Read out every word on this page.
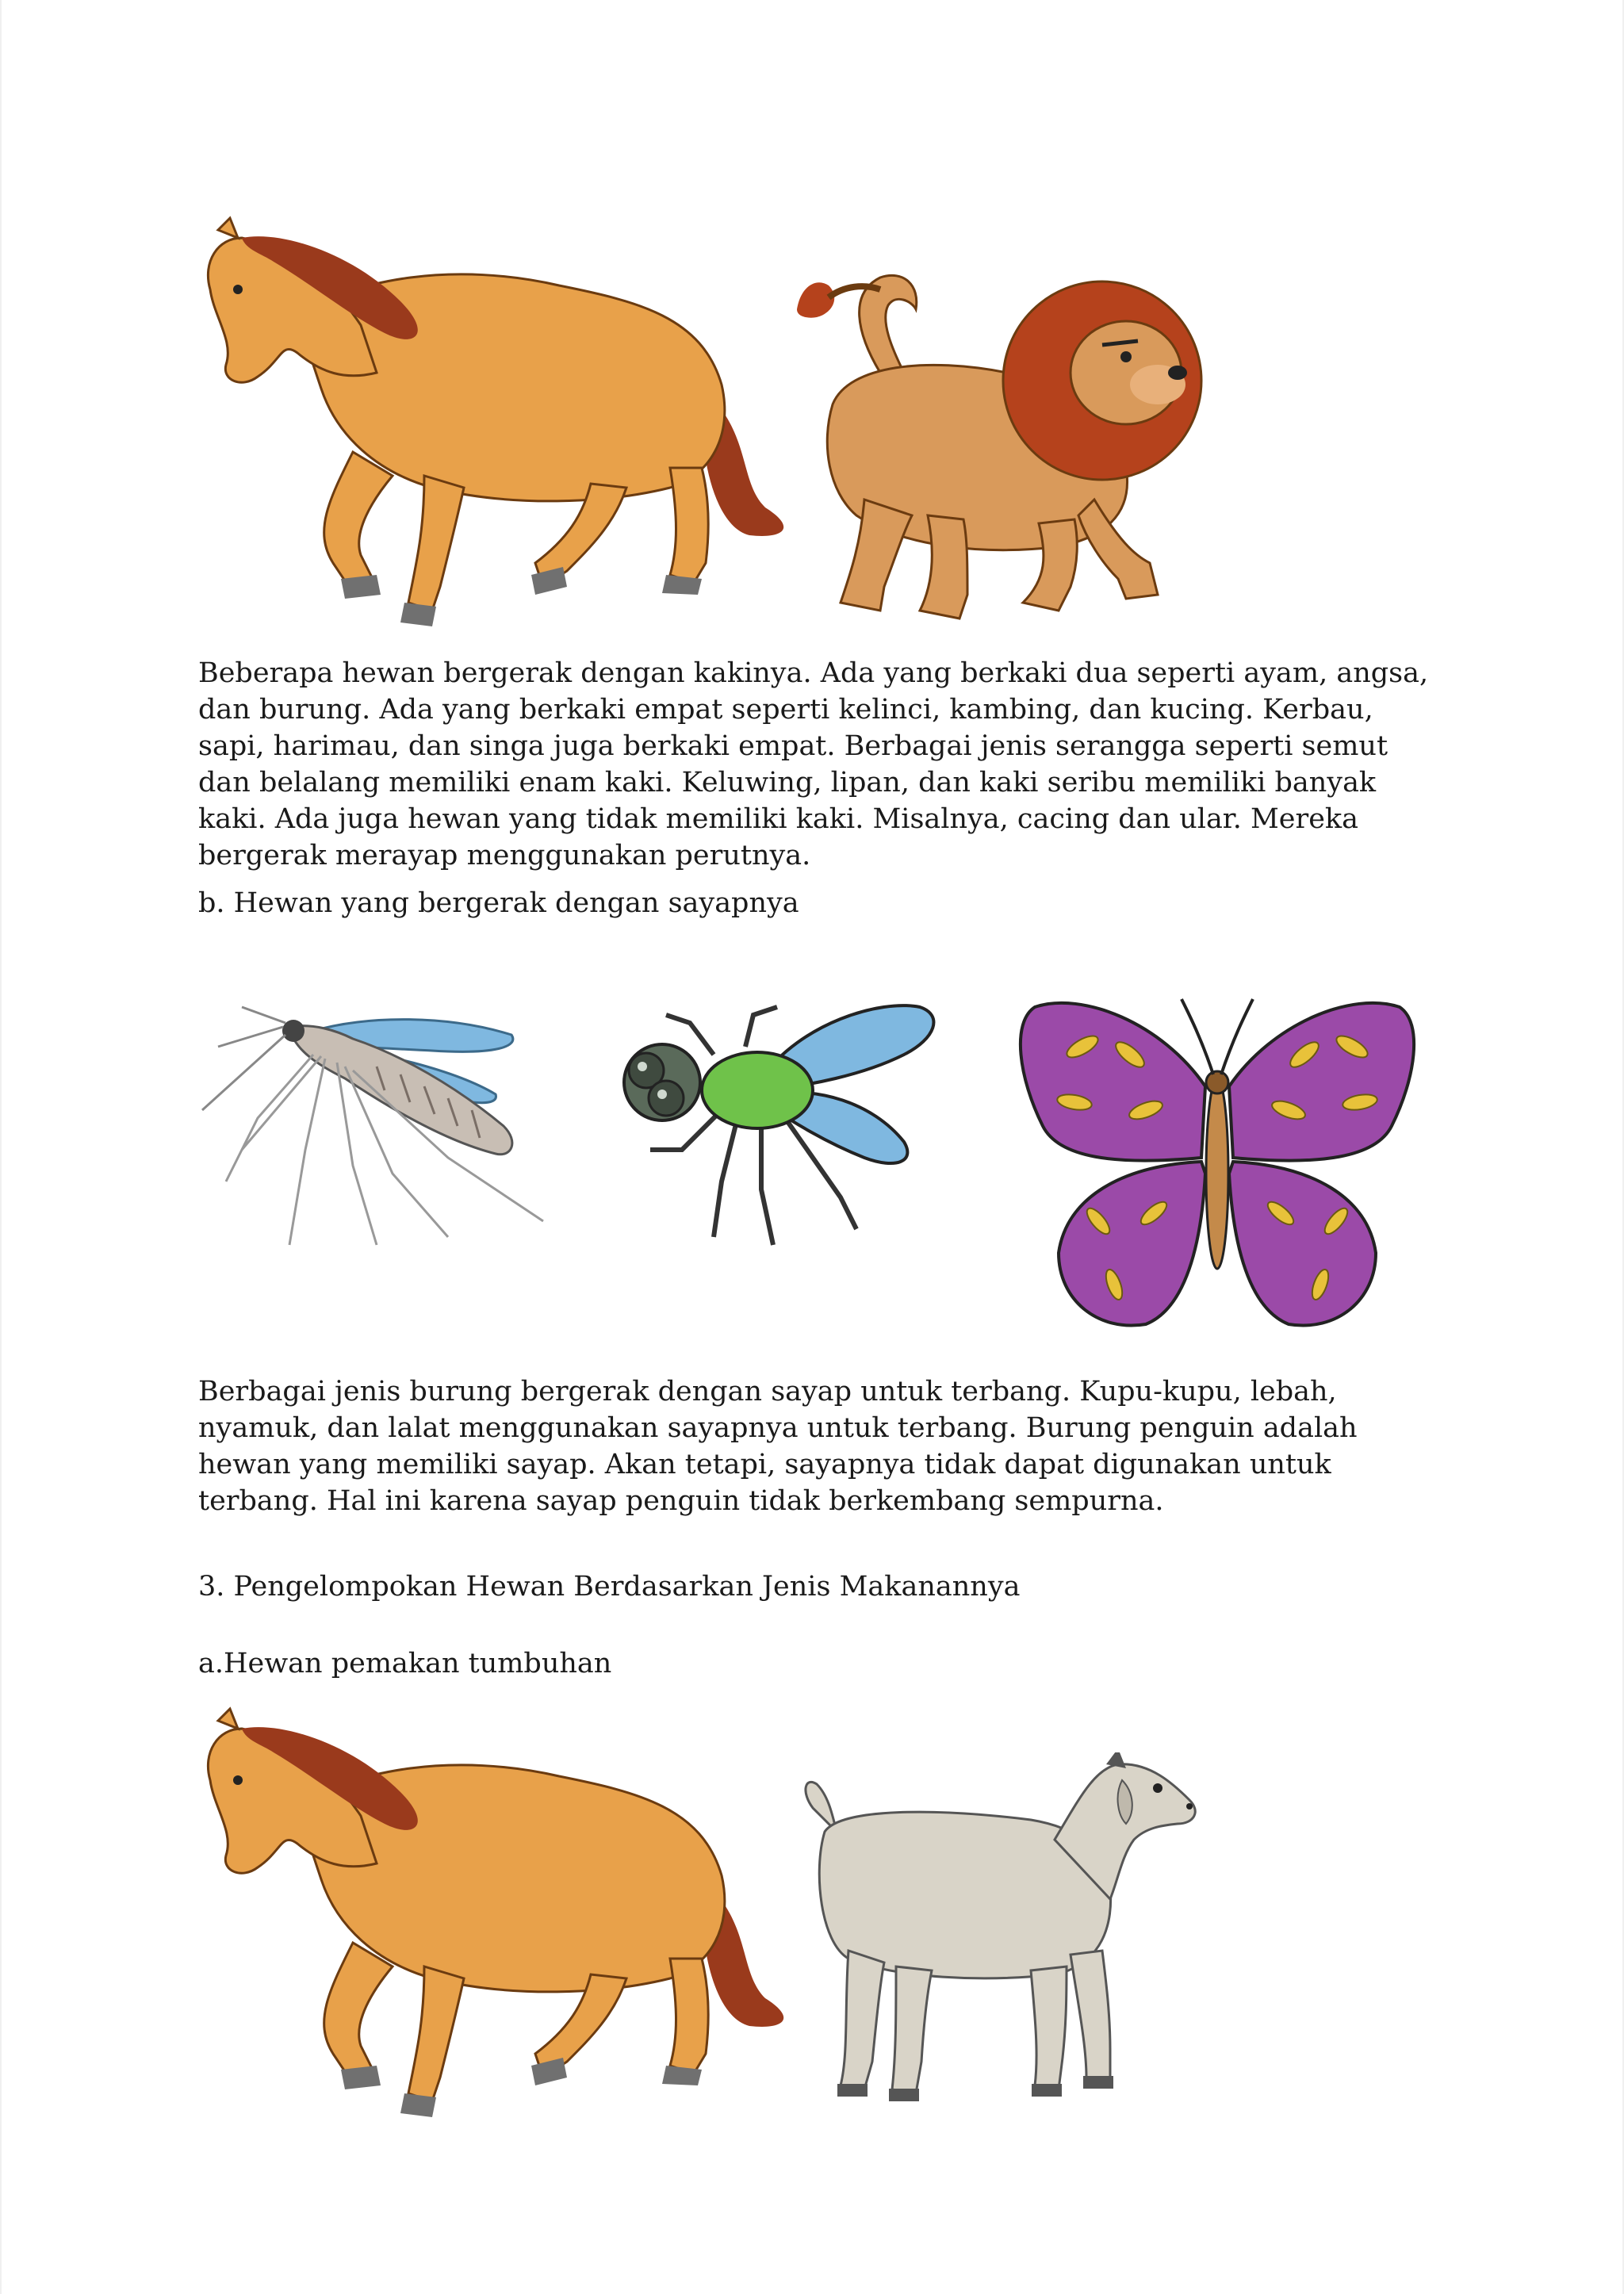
Beberapa hewan bergerak dengan kakinya. Ada yang berkaki dua seperti ayam, angsa, dan burung. Ada yang berkaki empat seperti kelinci, kambing, dan kucing. Kerbau, sapi, harimau, dan singa juga berkaki empat. Berbagai jenis serangga seperti semut dan belalang memiliki enam kaki. Keluwing, lipan, dan kaki seribu memiliki banyak kaki. Ada juga hewan yang tidak memiliki kaki. Misalnya, cacing dan ular. Mereka bergerak merayap menggunakan perutnya.

b. Hewan yang bergerak dengan sayapnya

Berbagai jenis burung bergerak dengan sayap untuk terbang. Kupu-kupu, lebah, nyamuk, dan lalat menggunakan sayapnya untuk terbang. Burung penguin adalah hewan yang memiliki sayap. Akan tetapi, sayapnya tidak dapat digunakan untuk terbang. Hal ini karena sayap penguin tidak berkembang sempurna.

3. Pengelompokan Hewan Berdasarkan Jenis Makanannya

a.Hewan pemakan tumbuhan
